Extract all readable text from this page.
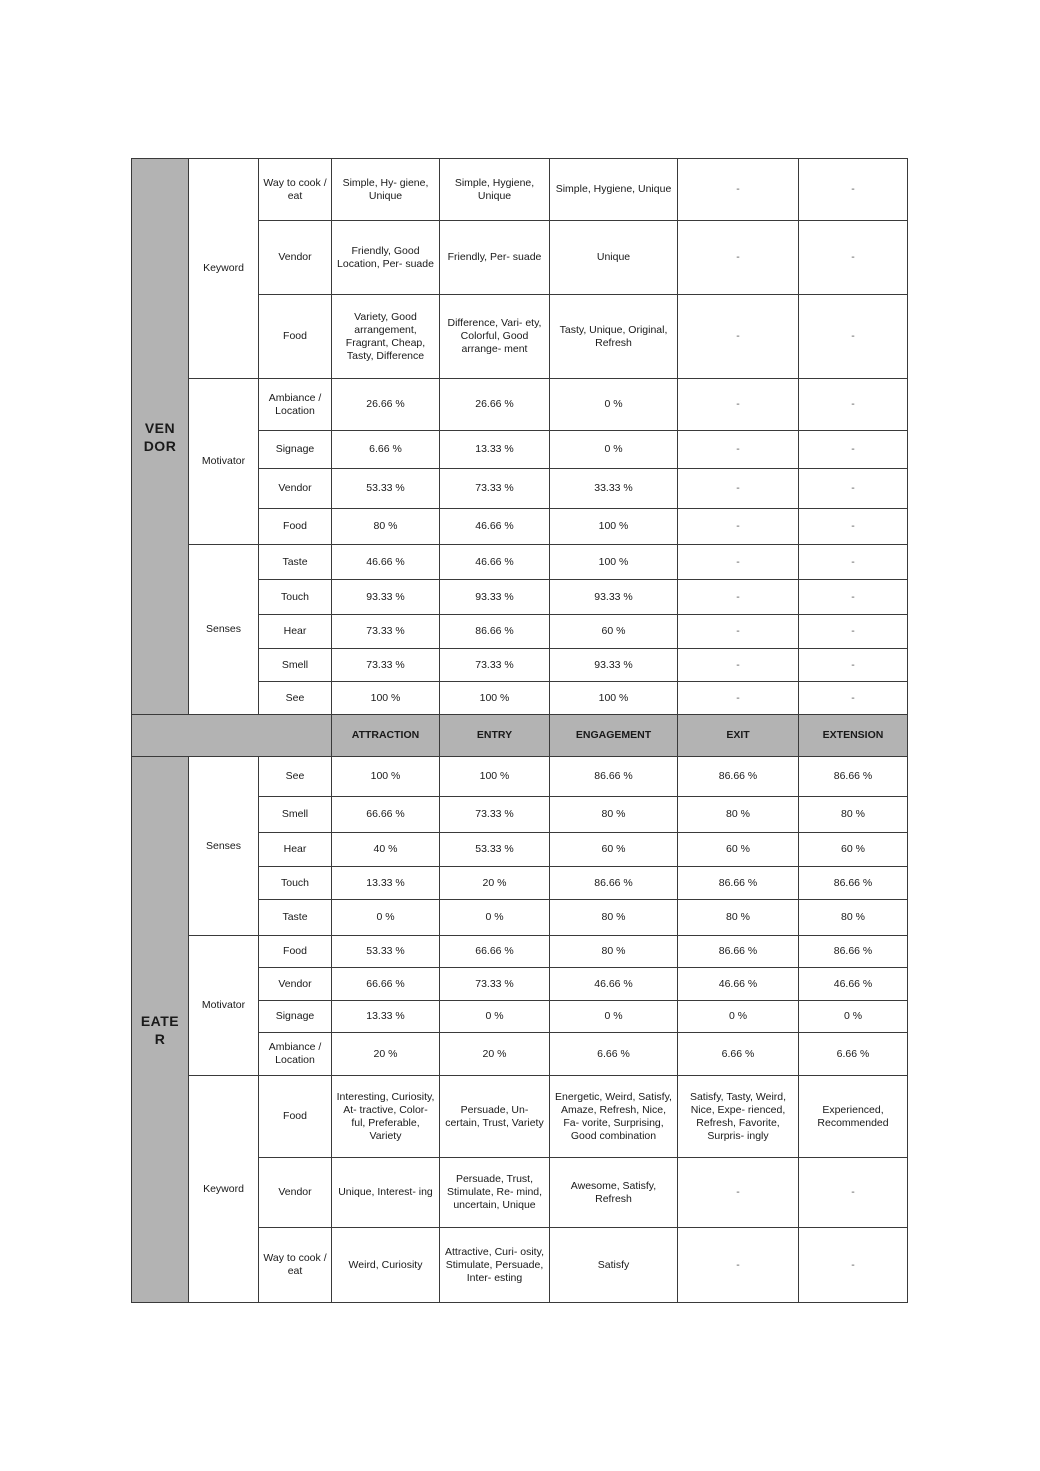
VEN
DOR	Keyword	Way to cook / eat	Simple, Hy- giene, Unique	Simple, Hygiene, Unique	Simple, Hygiene, Unique	-	-
		Vendor	Friendly, Good Location, Per- suade	Friendly, Per- suade	Unique	-	-
		Food	Variety, Good arrangement, Fragrant, Cheap, Tasty, Difference	Difference, Vari- ety, Colorful, Good arrange- ment	Tasty, Unique, Original, Refresh	-	-
	Motivator	Ambiance / Location	26.66 %	26.66 %	0 %	-	-
		Signage	6.66 %	13.33 %	0 %	-	-
		Vendor	53.33 %	73.33 %	33.33 %	-	-
		Food	80 %	46.66 %	100 %	-	-
	Senses	Taste	46.66 %	46.66 %	100 %	-	-
		Touch	93.33 %	93.33 %	93.33 %	-	-
		Hear	73.33 %	86.66 %	60 %	-	-
		Smell	73.33 %	73.33 %	93.33 %	-	-
		See	100 %	100 %	100 %	-	-
			ATTRACTION	ENTRY	ENGAGEMENT	EXIT	EXTENSION
EATE
R	Senses	See	100 %	100 %	86.66 %	86.66 %	86.66 %
		Smell	66.66 %	73.33 %	80 %	80 %	80 %
		Hear	40 %	53.33 %	60 %	60 %	60 %
		Touch	13.33 %	20 %	86.66 %	86.66 %	86.66 %
		Taste	0 %	0 %	80 %	80 %	80 %
	Motivator	Food	53.33 %	66.66 %	80 %	86.66 %	86.66 %
		Vendor	66.66 %	73.33 %	46.66 %	46.66 %	46.66 %
		Signage	13.33 %	0 %	0 %	0 %	0 %
		Ambiance / Location	20 %	20 %	6.66 %	6.66 %	6.66 %
	Keyword	Food	Interesting, Curiosity, At- tractive, Color- ful, Preferable, Variety	Persuade, Un- certain, Trust, Variety	Energetic, Weird, Satisfy, Amaze, Refresh, Nice, Fa- vorite, Surprising, Good combination	Satisfy, Tasty, Weird, Nice, Expe- rienced, Refresh, Favorite, Surpris- ingly	Experienced, Recommended
		Vendor	Unique, Interest- ing	Persuade, Trust, Stimulate, Re- mind, uncertain, Unique	Awesome, Satisfy, Refresh	-	-
		Way to cook / eat	Weird, Curiosity	Attractive, Curi- osity, Stimulate, Persuade, Inter- esting	Satisfy	-	-
